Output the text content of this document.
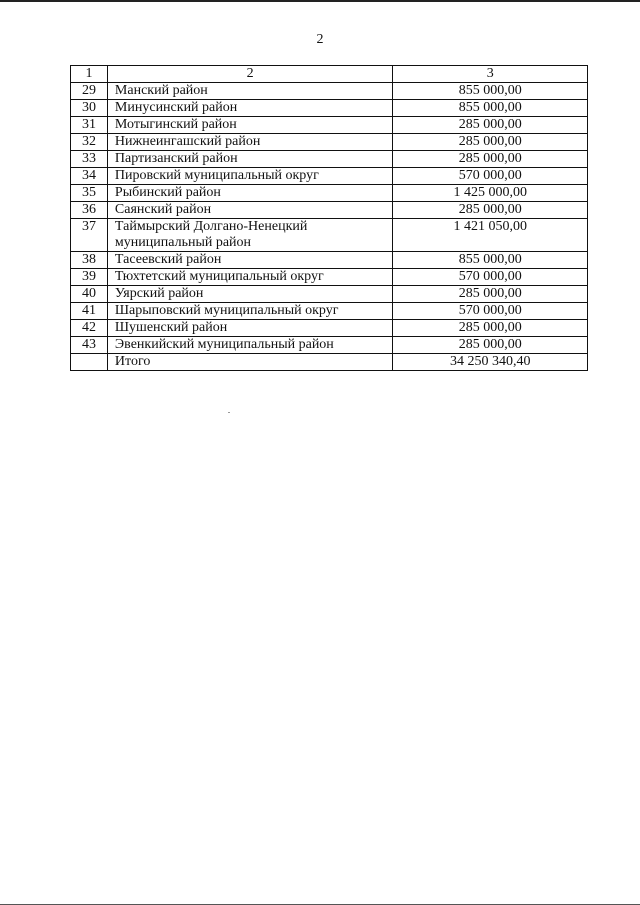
2
1	2	3
29	Манский район	855 000,00
30	Минусинский район	855 000,00
31	Мотыгинский район	285 000,00
32	Нижнеингашский район	285 000,00
33	Партизанский район	285 000,00
34	Пировский муниципальный округ	570 000,00
35	Рыбинский район	1 425 000,00
36	Саянский район	285 000,00
37	Таймырский Долгано-Ненецкий
муниципальный район	1 421 050,00
38	Тасеевский район	855 000,00
39	Тюхтетский муниципальный округ	570 000,00
40	Уярский район	285 000,00
41	Шарыповский муниципальный округ	570 000,00
42	Шушенский район	285 000,00
43	Эвенкийский муниципальный район	285 000,00
	Итого	34 250 340,40
